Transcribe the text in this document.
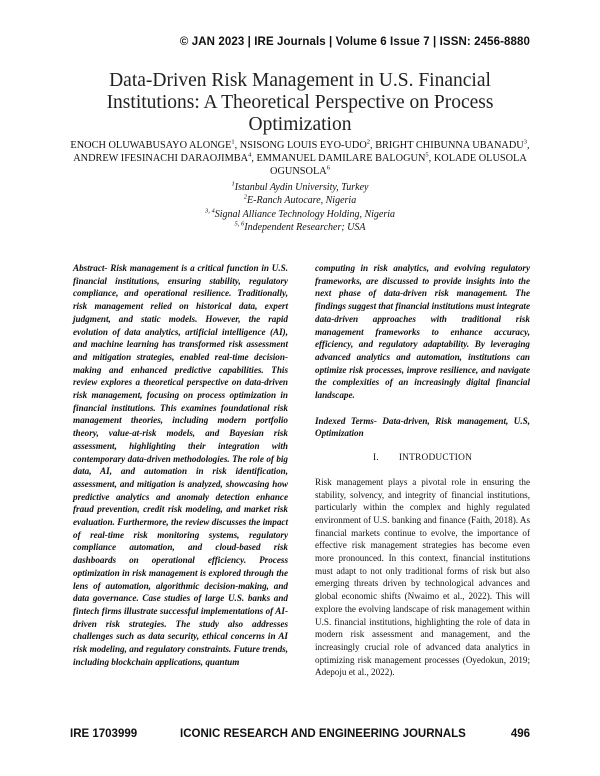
© JAN 2023 | IRE Journals | Volume 6 Issue 7 | ISSN: 2456-8880
Data-Driven Risk Management in U.S. Financial
Institutions: A Theoretical Perspective on Process
Optimization
ENOCH OLUWABUSAYO ALONGE$^1$, NSISONG LOUIS EYO-UDO$^2$, BRIGHT CHIBUNNA UBANADU$^3$, ANDREW IFESINACHI DARAOJIMBA$^4$, EMMANUEL DAMILARE BALOGUN$^5$, KOLADE OLUSOLA OGUNSOLA$^6$
$^1$Istanbul Aydin University, Turkey
$^2$E-Ranch Autocare, Nigeria
$^{3, 4}$Signal Alliance Technology Holding, Nigeria
$^{5, 6}$Independent Researcher; USA
Abstract- Risk management is a critical function in U.S. financial institutions, ensuring stability, regulatory compliance, and operational resilience. Traditionally, risk management relied on historical data, expert judgment, and static models. However, the rapid evolution of data analytics, artificial intelligence (AI), and machine learning has transformed risk assessment and mitigation strategies, enabled real-time decision-making and enhanced predictive capabilities. This review explores a theoretical perspective on data-driven risk management, focusing on process optimization in financial institutions. This examines foundational risk management theories, including modern portfolio theory, value-at-risk models, and Bayesian risk assessment, highlighting their integration with contemporary data-driven methodologies. The role of big data, AI, and automation in risk identification, assessment, and mitigation is analyzed, showcasing how predictive analytics and anomaly detection enhance fraud prevention, credit risk modeling, and market risk evaluation. Furthermore, the review discusses the impact of real-time risk monitoring systems, regulatory compliance automation, and cloud-based risk dashboards on operational efficiency. Process optimization in risk management is explored through the lens of automation, algorithmic decision-making, and data governance. Case studies of large U.S. banks and fintech firms illustrate successful implementations of AI-driven risk strategies. The study also addresses challenges such as data security, ethical concerns in AI risk modeling, and regulatory constraints. Future trends, including blockchain applications, quantum
computing in risk analytics, and evolving regulatory frameworks, are discussed to provide insights into the next phase of data-driven risk management. The findings suggest that financial institutions must integrate data-driven approaches with traditional risk management frameworks to enhance accuracy, efficiency, and regulatory adaptability. By leveraging advanced analytics and automation, institutions can optimize risk processes, improve resilience, and navigate the complexities of an increasingly digital financial landscape.
Indexed Terms- Data-driven, Risk management, U.S, Optimization
I. INTRODUCTION
Risk management plays a pivotal role in ensuring the stability, solvency, and integrity of financial institutions, particularly within the complex and highly regulated environment of U.S. banking and finance (Faith, 2018). As financial markets continue to evolve, the importance of effective risk management strategies has become even more pronounced. In this context, financial institutions must adapt to not only traditional forms of risk but also emerging threats driven by technological advances and global economic shifts (Nwaimo et al., 2022). This will explore the evolving landscape of risk management within U.S. financial institutions, highlighting the role of data in modern risk assessment and management, and the increasingly crucial role of advanced data analytics in optimizing risk management processes (Oyedokun, 2019; Adepoju et al., 2022).
IRE 1703999	ICONIC RESEARCH AND ENGINEERING JOURNALS	496
